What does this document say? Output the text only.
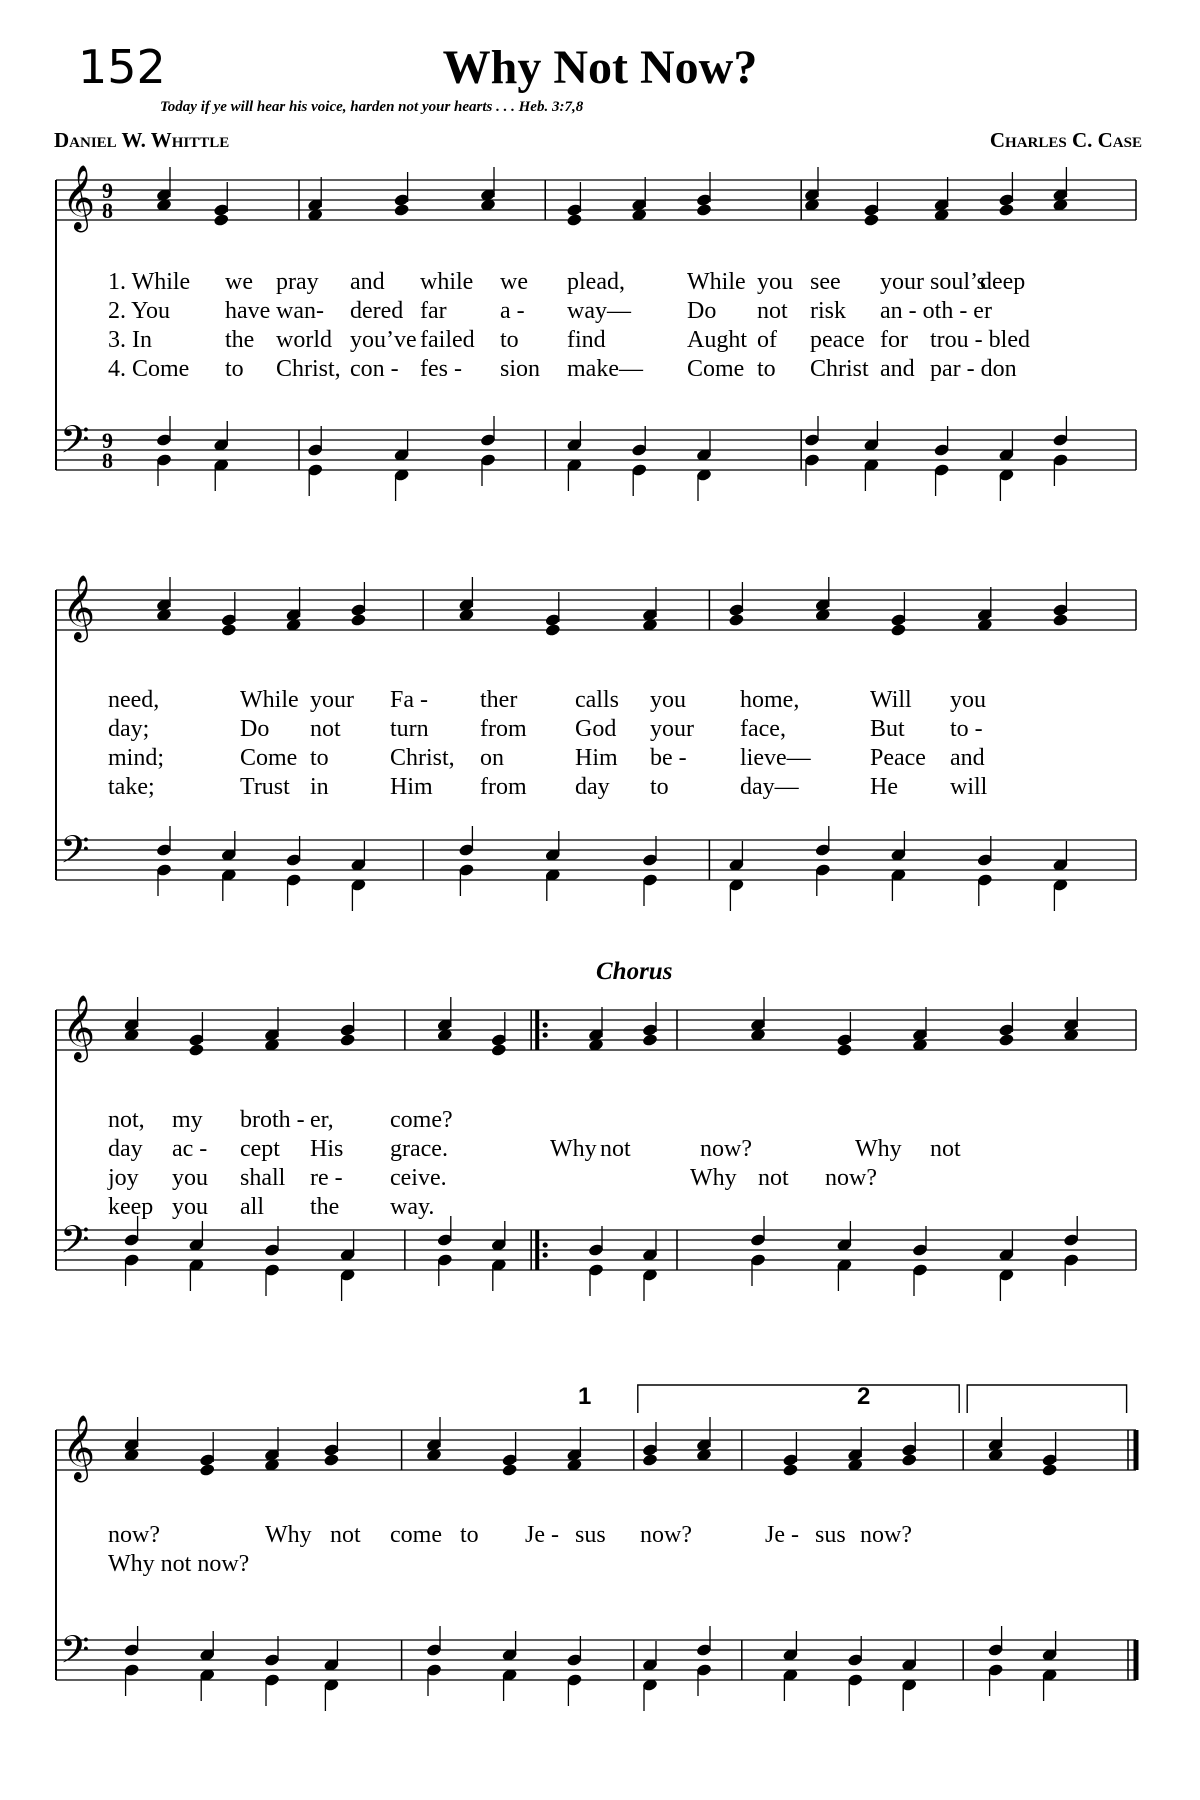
𝄞
𝄢
9
8
9
8
𝄞
𝄢
𝄞
𝄢
𝄞
𝄢
152	Why Not Now?
Today if ye will hear his voice, harden not your hearts . . . Heb. 3:7,8
Daniel W. Whittle	Charles C. Case
Chorus
1	2
1. While we pray and while we plead,	While you see your soul’s
deep
2. You have wan- dered far a - way— Do not risk an - oth - er
3. In	the world you’ve failed to find	Aught of peace for trou - bled
4. Come to Christ, con - fes - sion make— Come to Christ and par - don
need,	While your Fa - ther calls you home,	Will you
day;	Do not turn from God your face,	But to -
mind;	Come to	Christ, on	Him be - lieve— Peace and
take;	Trust in	Him from day to	day—	He will
not, my broth - er, come?
day ac - cept His grace.	Why not	now?	Why not
joy you shall re - ceive.	Why not now?
keep you all the way.
now?	Why not come to Je - sus now?	Je - sus now?
Why not now?
